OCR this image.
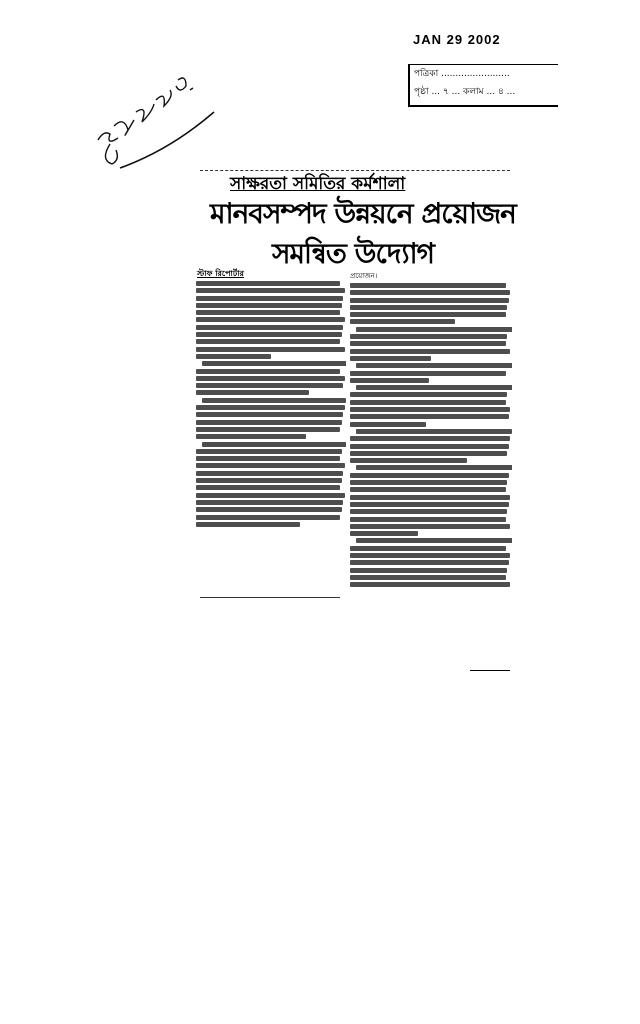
JAN 29 2002
পত্রিকা ........................
পৃষ্ঠা ... ৭ ... কলাম ... ৪ ...
সাক্ষরতা সমিতির কর্মশালা
মানবসম্পদ উন্নয়নে প্রয়োজন
সমন্বিত উদ্যোগ
স্টাফ রিপোর্টার	প্রয়োজন।
